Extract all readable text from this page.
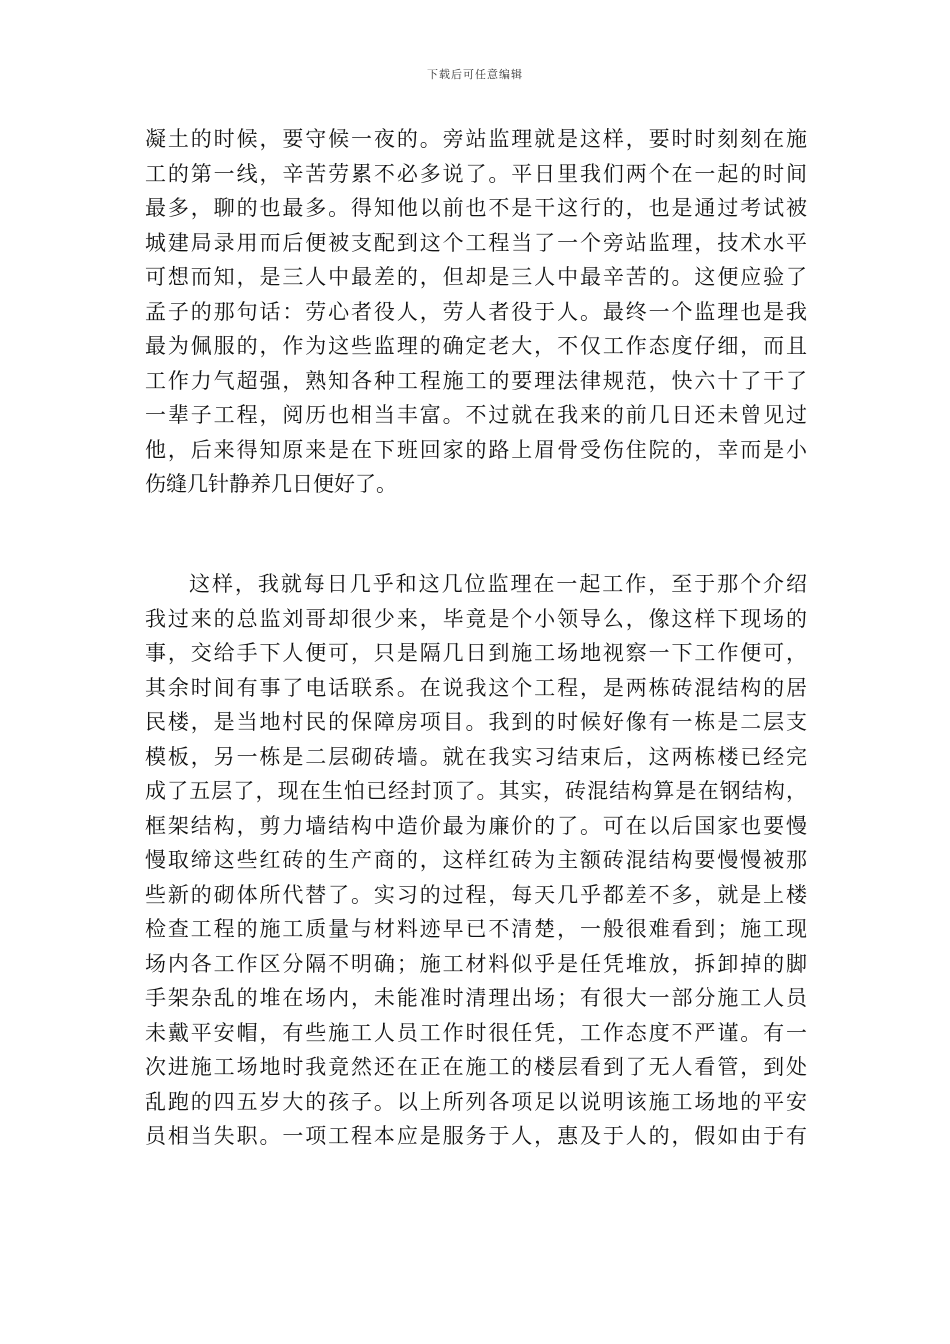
下载后可任意编辑
凝土的时候，要守候一夜的。旁站监理就是这样，要时时刻刻在施
工的第一线，辛苦劳累不必多说了。平日里我们两个在一起的时间
最多，聊的也最多。得知他以前也不是干这行的，也是通过考试被
城建局录用而后便被支配到这个工程当了一个旁站监理，技术水平
可想而知，是三人中最差的，但却是三人中最辛苦的。这便应验了
孟子的那句话：劳心者役人，劳人者役于人。最终一个监理也是我
最为佩服的，作为这些监理的确定老大，不仅工作态度仔细，而且
工作力气超强，熟知各种工程施工的要理法律规范，快六十了干了
一辈子工程，阅历也相当丰富。不过就在我来的前几日还未曾见过
他，后来得知原来是在下班回家的路上眉骨受伤住院的，幸而是小
伤缝几针静养几日便好了。
这样，我就每日几乎和这几位监理在一起工作，至于那个介绍
我过来的总监刘哥却很少来，毕竟是个小领导么，像这样下现场的
事，交给手下人便可，只是隔几日到施工场地视察一下工作便可，
其余时间有事了电话联系。在说我这个工程，是两栋砖混结构的居
民楼，是当地村民的保障房项目。我到的时候好像有一栋是二层支
模板，另一栋是二层砌砖墙。就在我实习结束后，这两栋楼已经完
成了五层了，现在生怕已经封顶了。其实，砖混结构算是在钢结构，
框架结构，剪力墙结构中造价最为廉价的了。可在以后国家也要慢
慢取缔这些红砖的生产商的，这样红砖为主额砖混结构要慢慢被那
些新的砌体所代替了。实习的过程，每天几乎都差不多，就是上楼
检查工程的施工质量与材料迹早已不清楚，一般很难看到；施工现
场内各工作区分隔不明确；施工材料似乎是任凭堆放，拆卸掉的脚
手架杂乱的堆在场内，未能准时清理出场；有很大一部分施工人员
未戴平安帽，有些施工人员工作时很任凭，工作态度不严谨。有一
次进施工场地时我竟然还在正在施工的楼层看到了无人看管，到处
乱跑的四五岁大的孩子。以上所列各项足以说明该施工场地的平安
员相当失职。一项工程本应是服务于人，惠及于人的，假如由于有
